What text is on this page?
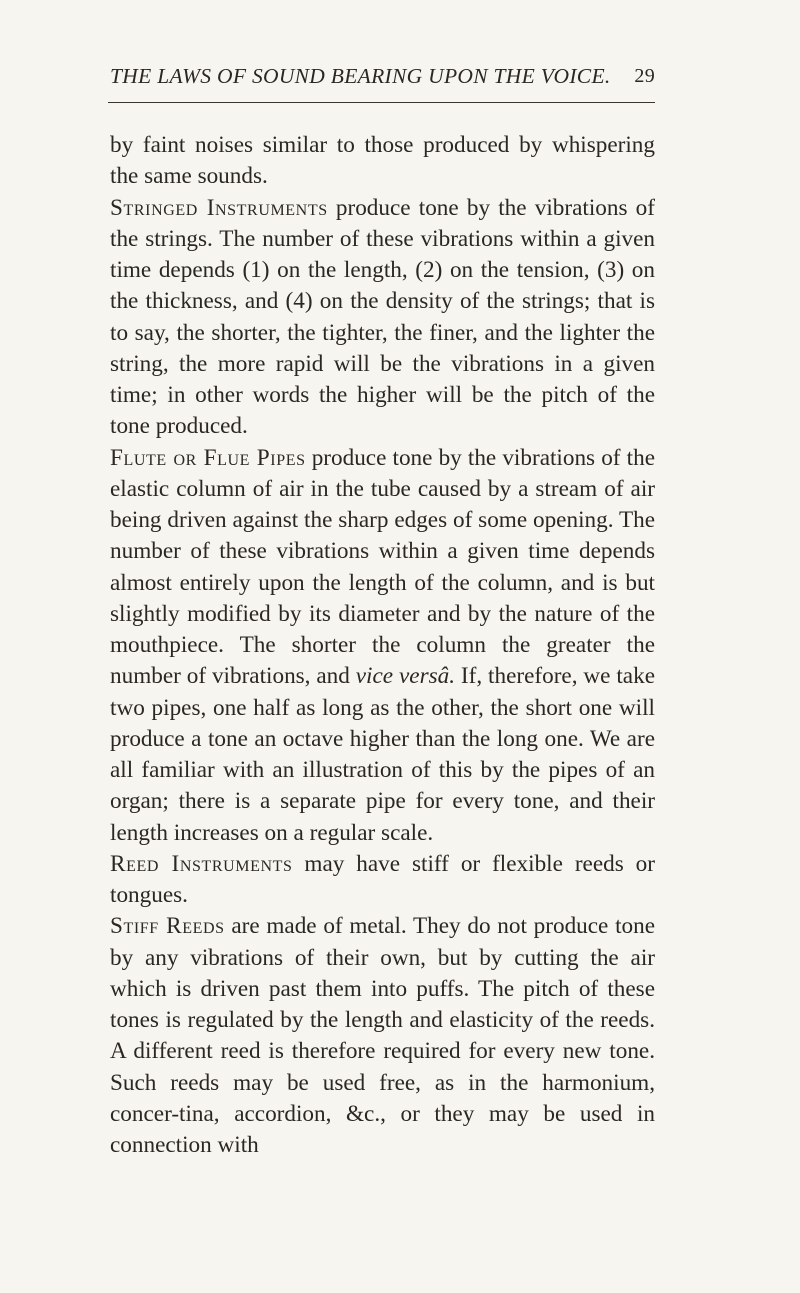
THE LAWS OF SOUND BEARING UPON THE VOICE. 29

by faint noises similar to those produced by whispering the same sounds.

Stringed Instruments produce tone by the vibrations of the strings. The number of these vibrations within a given time depends (1) on the length, (2) on the tension, (3) on the thickness, and (4) on the density of the strings; that is to say, the shorter, the tighter, the finer, and the lighter the string, the more rapid will be the vibrations in a given time; in other words the higher will be the pitch of the tone produced.

Flute or Flue Pipes produce tone by the vibrations of the elastic column of air in the tube caused by a stream of air being driven against the sharp edges of some opening. The number of these vibrations within a given time depends almost entirely upon the length of the column, and is but slightly modified by its diameter and by the nature of the mouthpiece. The shorter the column the greater the number of vibrations, and vice versâ. If, therefore, we take two pipes, one half as long as the other, the short one will produce a tone an octave higher than the long one. We are all familiar with an illustration of this by the pipes of an organ; there is a separate pipe for every tone, and their length increases on a regular scale.

Reed Instruments may have stiff or flexible reeds or tongues.

Stiff Reeds are made of metal. They do not produce tone by any vibrations of their own, but by cutting the air which is driven past them into puffs. The pitch of these tones is regulated by the length and elasticity of the reeds. A different reed is therefore required for every new tone. Such reeds may be used free, as in the harmonium, concer-tina, accordion, &c., or they may be used in connection with
